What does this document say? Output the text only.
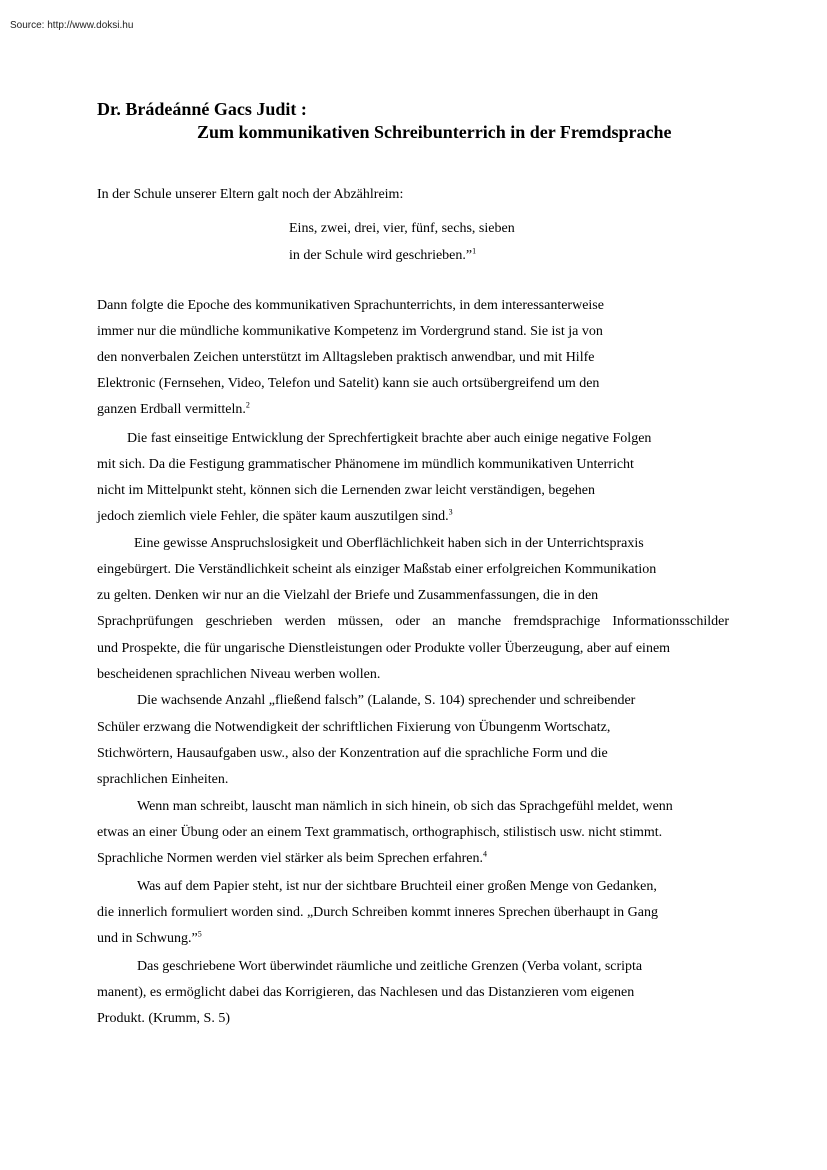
Source: http://www.doksi.hu
Dr. Brádeánné Gacs Judit :
Zum kommunikativen Schreibunterrich in der Fremdsprache
In der Schule unserer Eltern galt noch der Abzählreim:
Eins, zwei, drei, vier, fünf, sechs, sieben
in der Schule wird geschrieben.”$^1$
Dann folgte die Epoche des kommunikativen Sprachunterrichts, in dem interessanterweise
immer nur die mündliche kommunikative Kompetenz im Vordergrund stand. Sie ist ja von
den nonverbalen Zeichen unterstützt im Alltagsleben praktisch anwendbar, und mit Hilfe
Elektronic (Fernsehen, Video, Telefon und Satelit) kann sie auch ortsübergreifend um den
ganzen Erdball vermitteln.$^2$
Die fast einseitige Entwicklung der Sprechfertigkeit brachte aber auch einige negative Folgen
mit sich. Da die Festigung grammatischer Phänomene im mündlich kommunikativen Unterricht
nicht im Mittelpunkt steht, können sich die Lernenden zwar leicht verständigen, begehen
jedoch ziemlich viele Fehler, die später kaum auszutilgen sind.$^3$
Eine gewisse Anspruchslosigkeit und Oberflächlichkeit haben sich in der Unterrichtspraxis
eingebürgert. Die Verständlichkeit scheint als einziger Maßstab einer erfolgreichen Kommunikation
zu gelten. Denken wir nur an die Vielzahl der Briefe und Zusammenfassungen, die in den
Sprachprüfungen geschrieben werden müssen, oder an manche fremdsprachige Informationsschilder
und Prospekte, die für ungarische Dienstleistungen oder Produkte voller Überzeugung, aber auf einem
bescheidenen sprachlichen Niveau werben wollen.
Die wachsende Anzahl „fließend falsch” (Lalande, S. 104) sprechender und schreibender
Schüler erzwang die Notwendigkeit der schriftlichen Fixierung von Übungenm Wortschatz,
Stichwörtern, Hausaufgaben usw., also der Konzentration auf die sprachliche Form und die
sprachlichen Einheiten.
Wenn man schreibt, lauscht man nämlich in sich hinein, ob sich das Sprachgefühl meldet, wenn
etwas an einer Übung oder an einem Text grammatisch, orthographisch, stilistisch usw. nicht stimmt.
Sprachliche Normen werden viel stärker als beim Sprechen erfahren.$^4$
Was auf dem Papier steht, ist nur der sichtbare Bruchteil einer großen Menge von Gedanken,
die innerlich formuliert worden sind. „Durch Schreiben kommt inneres Sprechen überhaupt in Gang
und in Schwung.”$^5$
Das geschriebene Wort überwindet räumliche und zeitliche Grenzen (Verba volant, scripta
manent), es ermöglicht dabei das Korrigieren, das Nachlesen und das Distanzieren vom eigenen
Produkt. (Krumm, S. 5)
